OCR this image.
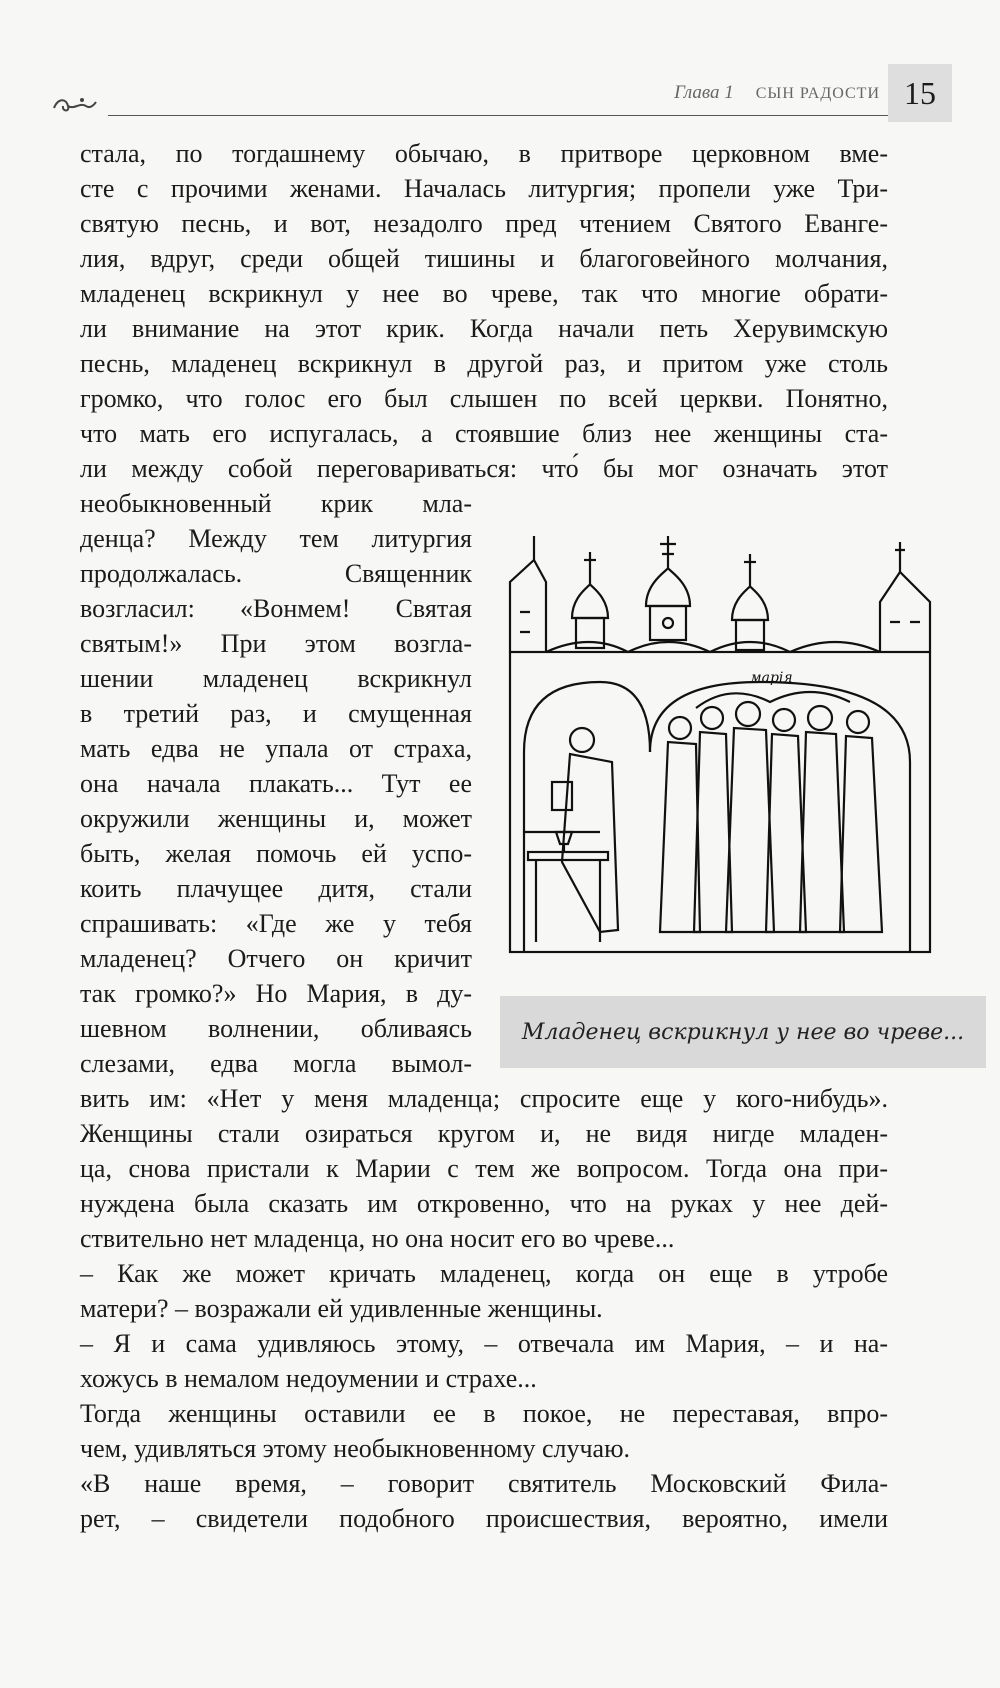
Глава 1 СЫН РАДОСТИ 15
стала, по тогдашнему обычаю, в притворе церковном вме-
сте с прочими женами. Началась литургия; пропели уже Три-
святую песнь, и вот, незадолго пред чтением Святого Еванге-
лия, вдруг, среди общей тишины и благоговейного молчания,
младенец вскрикнул у нее во чреве, так что многие обрати-
ли внимание на этот крик. Когда начали петь Херувимскую
песнь, младенец вскрикнул в другой раз, и притом уже столь
громко, что голос его был слышен по всей церкви. Понятно,
что мать его испугалась, а стоявшие близ нее женщины ста-
ли между собой переговариваться: что́ бы мог означать этот
необыкновенный крик мла-
денца? Между тем литургия
продолжалась. Священник
возгласил: «Вонмем! Святая
святым!» При этом возгла-
шении младенец вскрикнул
в третий раз, и смущенная
мать едва не упала от страха,
она начала плакать... Тут ее
окружили женщины и, может
быть, желая помочь ей успо-
коить плачущее дитя, стали
спрашивать: «Где же у тебя
младенец? Отчего он кричит
так громко?» Но Мария, в ду-
шевном волнении, обливаясь
слезами, едва могла вымол-
вить им: «Нет у меня младенца; спросите еще у кого-нибудь».
Женщины стали озираться кругом и, не видя нигде младен-
ца, снова пристали к Марии с тем же вопросом. Тогда она при-
нуждена была сказать им откровенно, что на руках у нее дей-
ствительно нет младенца, но она носит его во чреве...
– Как же может кричать младенец, когда он еще в утробе
матери? – возражали ей удивленные женщины.
– Я и сама удивляюсь этому, – отвечала им Мария, – и на-
хожусь в немалом недоумении и страхе...
Тогда женщины оставили ее в покое, не переставая, впро-
чем, удивляться этому необыкновенному случаю.
«В наше время, – говорит святитель Московский Фила-
рет, – свидетели подобного происшествия, вероятно, имели
марiя
Младенец вскрикнул у нее во чреве...
